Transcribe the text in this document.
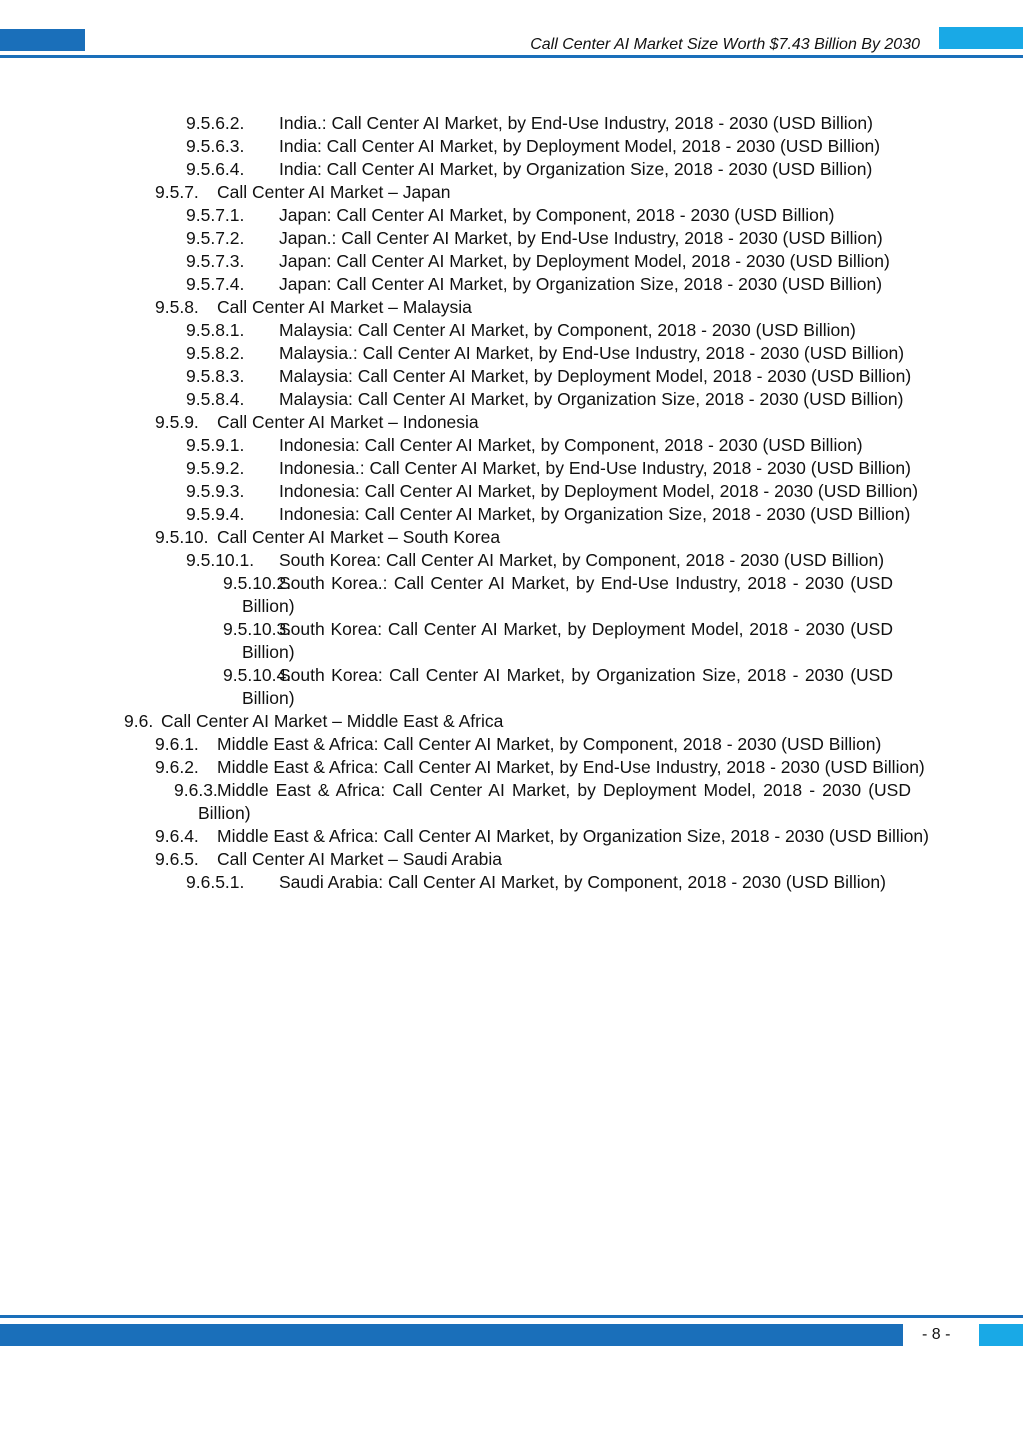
Call Center AI Market Size Worth $7.43 Billion By 2030
9.5.6.2. India.: Call Center AI Market, by End-Use Industry, 2018 - 2030 (USD Billion)
9.5.6.3. India: Call Center AI Market, by Deployment Model, 2018 - 2030 (USD Billion)
9.5.6.4. India: Call Center AI Market, by Organization Size, 2018 - 2030 (USD Billion)
9.5.7. Call Center AI Market – Japan
9.5.7.1. Japan: Call Center AI Market, by Component, 2018 - 2030 (USD Billion)
9.5.7.2. Japan.: Call Center AI Market, by End-Use Industry, 2018 - 2030 (USD Billion)
9.5.7.3. Japan: Call Center AI Market, by Deployment Model, 2018 - 2030 (USD Billion)
9.5.7.4. Japan: Call Center AI Market, by Organization Size, 2018 - 2030 (USD Billion)
9.5.8. Call Center AI Market – Malaysia
9.5.8.1. Malaysia: Call Center AI Market, by Component, 2018 - 2030 (USD Billion)
9.5.8.2. Malaysia.: Call Center AI Market, by End-Use Industry, 2018 - 2030 (USD Billion)
9.5.8.3. Malaysia: Call Center AI Market, by Deployment Model, 2018 - 2030 (USD Billion)
9.5.8.4. Malaysia: Call Center AI Market, by Organization Size, 2018 - 2030 (USD Billion)
9.5.9. Call Center AI Market – Indonesia
9.5.9.1. Indonesia: Call Center AI Market, by Component, 2018 - 2030 (USD Billion)
9.5.9.2. Indonesia.: Call Center AI Market, by End-Use Industry, 2018 - 2030 (USD Billion)
9.5.9.3. Indonesia: Call Center AI Market, by Deployment Model, 2018 - 2030 (USD Billion)
9.5.9.4. Indonesia: Call Center AI Market, by Organization Size, 2018 - 2030 (USD Billion)
9.5.10. Call Center AI Market – South Korea
9.5.10.1. South Korea: Call Center AI Market, by Component, 2018 - 2030 (USD Billion)
9.5.10.2.
South Korea.: Call Center AI Market, by End-Use Industry, 2018 - 2030 (USD Billion)
9.5.10.3.
South Korea: Call Center AI Market, by Deployment Model, 2018 - 2030 (USD Billion)
9.5.10.4.
South Korea: Call Center AI Market, by Organization Size, 2018 - 2030 (USD Billion)
9.6. Call Center AI Market – Middle East & Africa
9.6.1. Middle East & Africa: Call Center AI Market, by Component, 2018 - 2030 (USD Billion)
9.6.2. Middle East & Africa: Call Center AI Market, by End-Use Industry, 2018 - 2030 (USD Billion)
9.6.3. Middle East & Africa: Call Center AI Market, by Deployment Model, 2018 - 2030 (USD Billion)
9.6.4. Middle East & Africa: Call Center AI Market, by Organization Size, 2018 - 2030 (USD Billion)
9.6.5. Call Center AI Market – Saudi Arabia
9.6.5.1. Saudi Arabia: Call Center AI Market, by Component, 2018 - 2030 (USD Billion)
- 8 -
